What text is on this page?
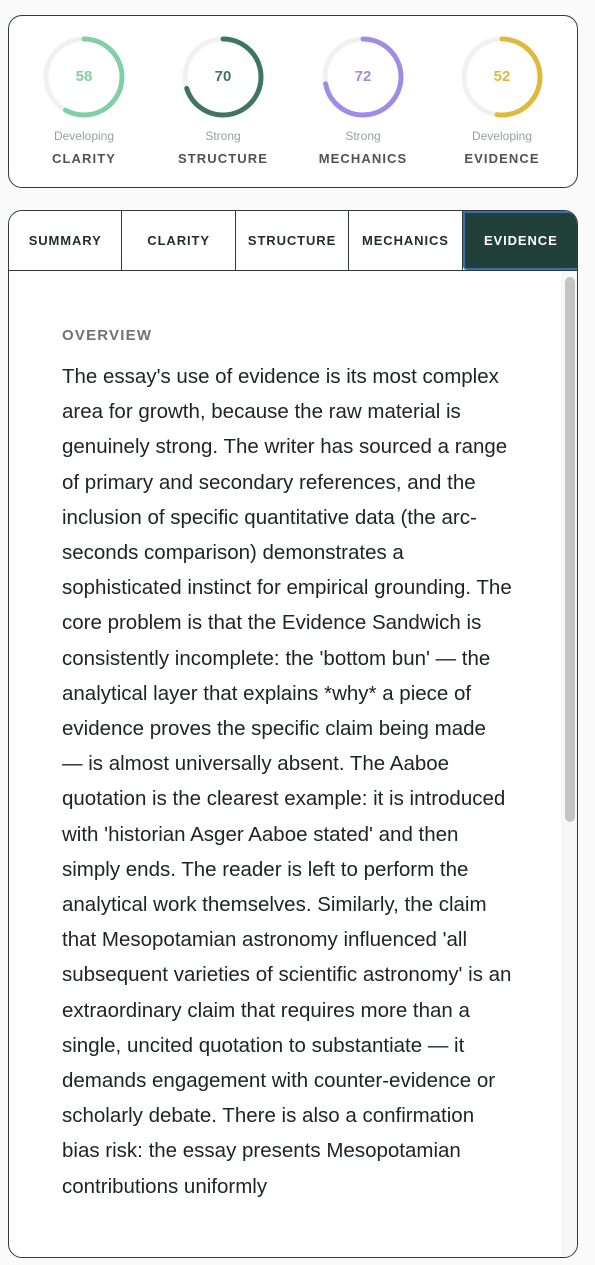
58
Developing
CLARITY
70
Strong
STRUCTURE
72
Strong
MECHANICS
52
Developing
EVIDENCE
SUMMARY	CLARITY	STRUCTURE	MECHANICS	EVIDENCE
OVERVIEW
The essay's use of evidence is its most complex area for growth, because the raw material is genuinely strong. The writer has sourced a range of primary and secondary references, and the inclusion of specific quantitative data (the arc-seconds comparison) demonstrates a sophisticated instinct for empirical grounding. The core problem is that the Evidence Sandwich is consistently incomplete: the 'bottom bun' — the analytical layer that explains *why* a piece of evidence proves the specific claim being made — is almost universally absent. The Aaboe quotation is the clearest example: it is introduced with 'historian Asger Aaboe stated' and then simply ends. The reader is left to perform the analytical work themselves. Similarly, the claim that Mesopotamian astronomy influenced 'all subsequent varieties of scientific astronomy' is an extraordinary claim that requires more than a single, uncited quotation to substantiate — it demands engagement with counter-evidence or scholarly debate. There is also a confirmation bias risk: the essay presents Mesopotamian contributions uniformly
